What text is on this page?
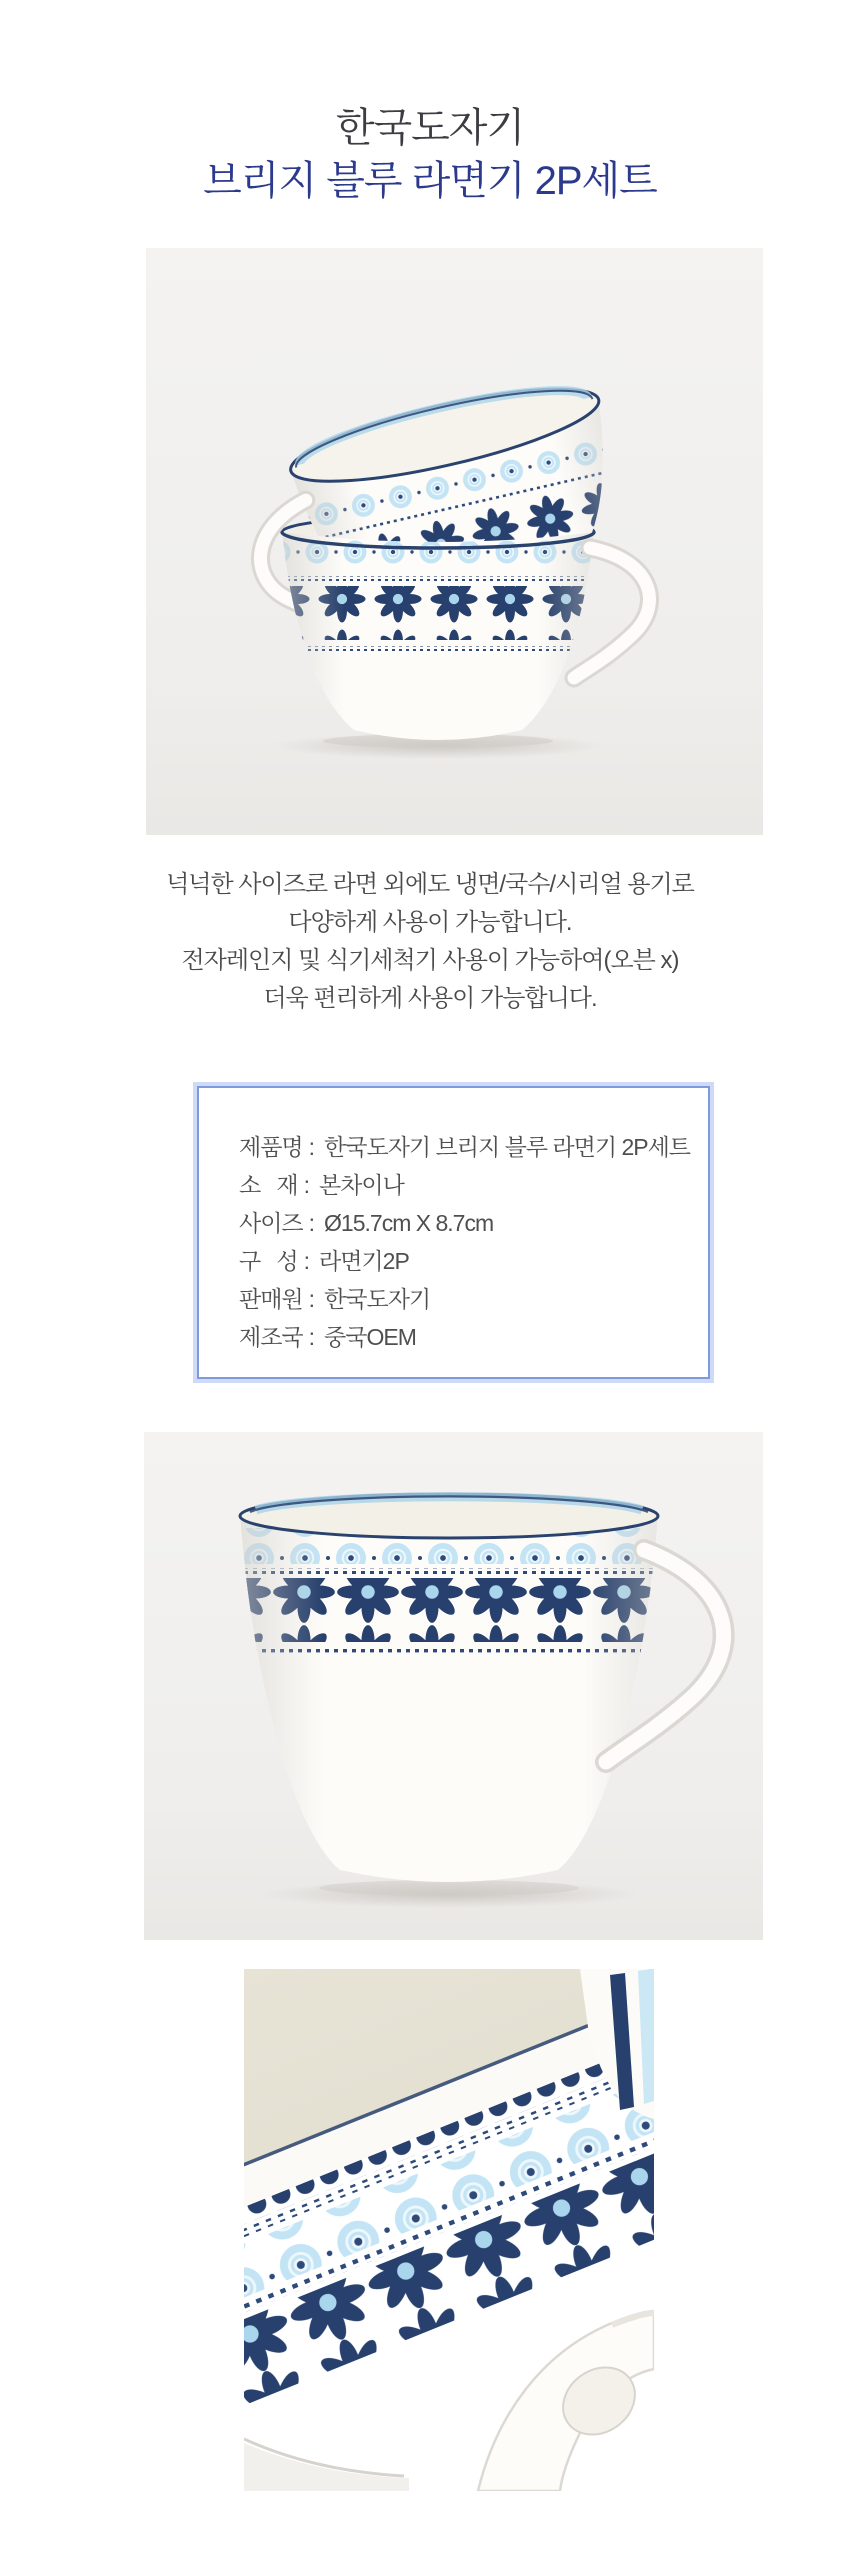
한국도자기
브리지 블루 라면기 2P세트
넉넉한 사이즈로 라면 외에도 냉면/국수/시리얼 용기로
다양하게 사용이 가능합니다.
전자레인지 및 식기세척기 사용이 가능하여(오븐 x)
더욱 편리하게 사용이 가능합니다.
제품명 : 한국도자기 브리지 블루 라면기 2P세트
소   재 : 본차이나
사이즈 : Ø15.7cm X 8.7cm
구   성 : 라면기2P
판매원 : 한국도자기
제조국 : 중국OEM
